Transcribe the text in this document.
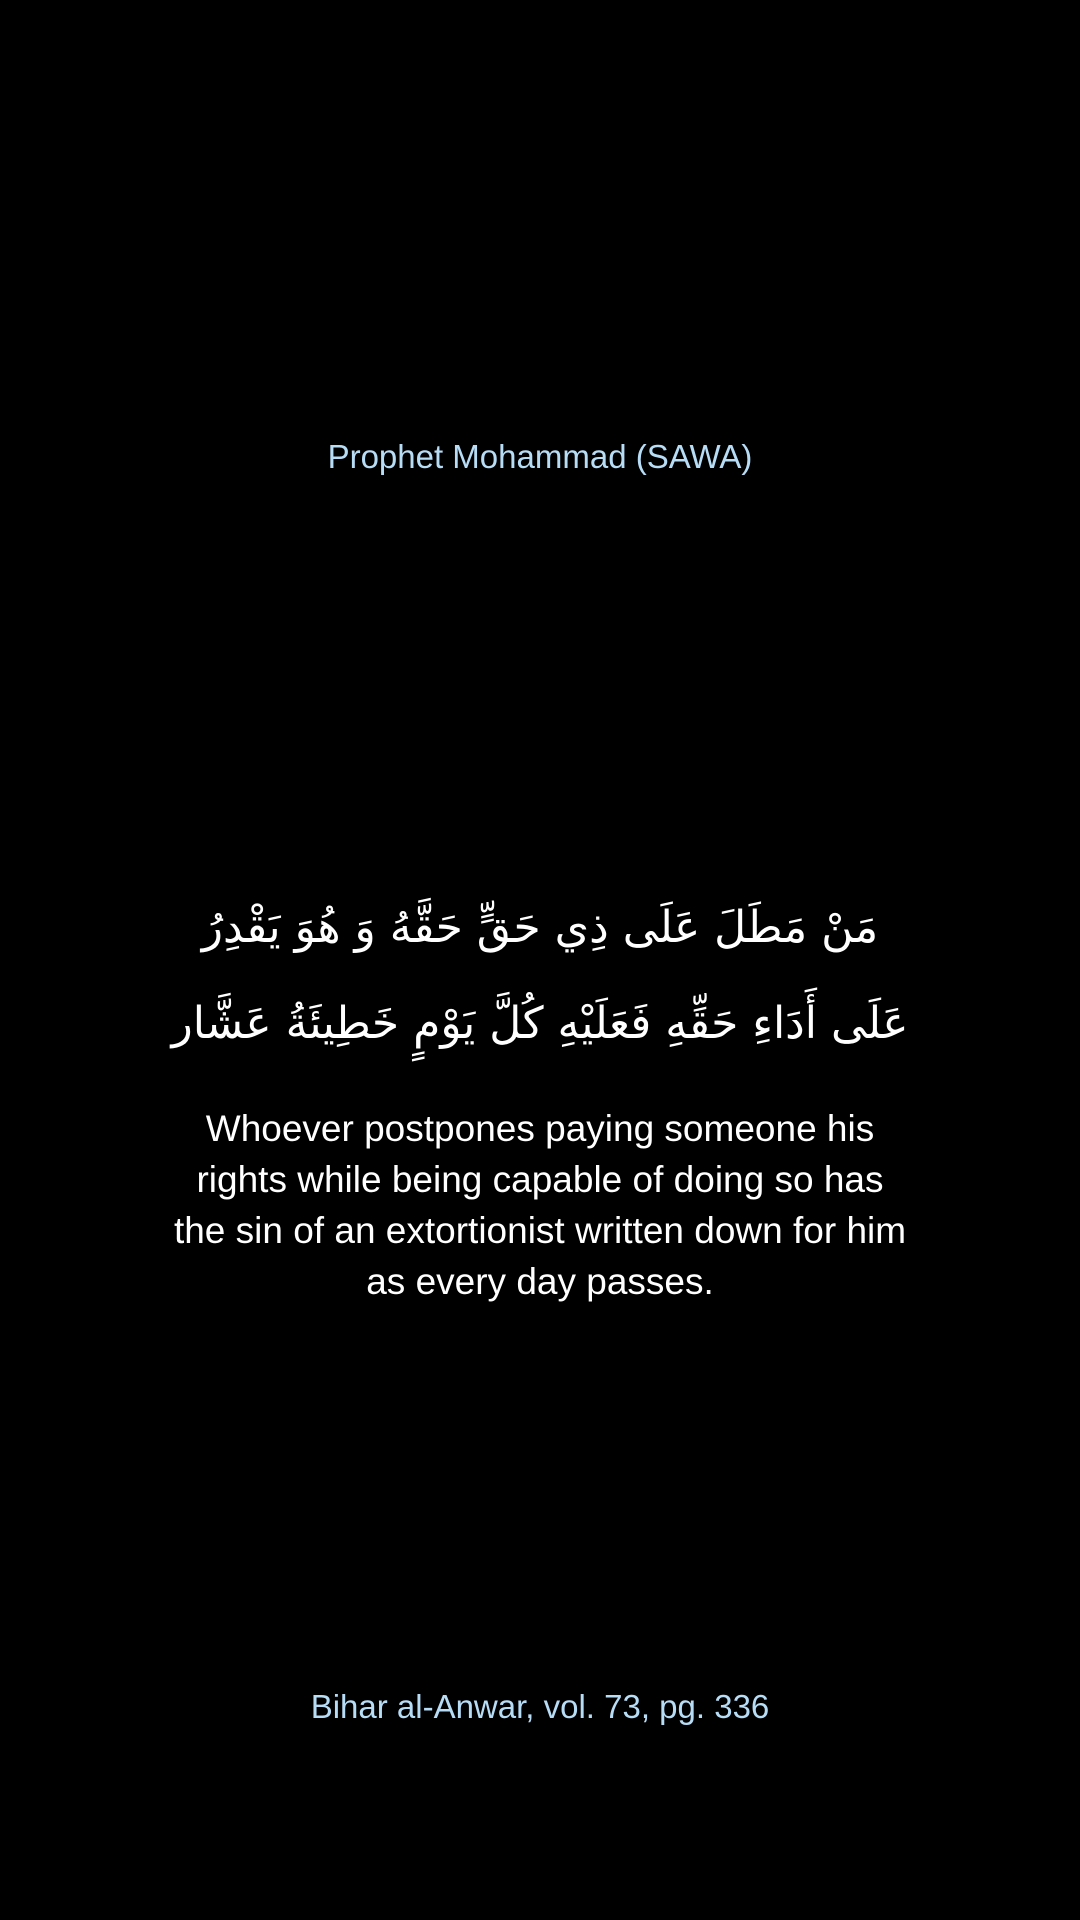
Prophet Mohammad (SAWA)
مَنْ مَطَلَ عَلَى ذِي حَقٍّ حَقَّهُ وَ هُوَ يَقْدِرُ عَلَى أَدَاءِ حَقِّهِ فَعَلَيْهِ كُلَّ يَوْمٍ خَطِيئَةُ عَشَّار
Whoever postpones paying someone his rights while being capable of doing so has the sin of an extortionist written down for him as every day passes.
Bihar al-Anwar, vol. 73, pg. 336
